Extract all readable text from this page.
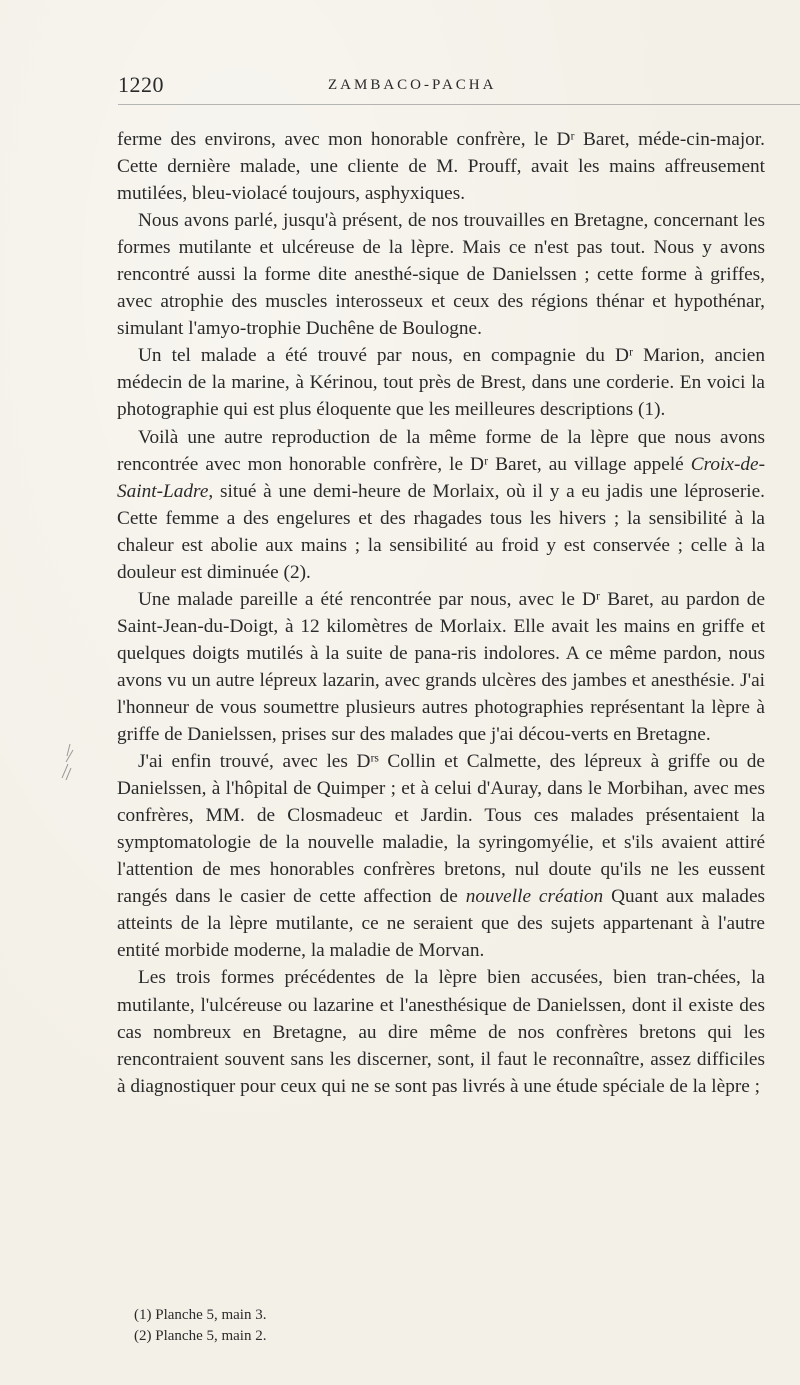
1220	ZAMBACO-PACHA

ferme des environs, avec mon honorable confrère, le Dʳ Baret, méde-cin-major. Cette dernière malade, une cliente de M. Prouff, avait les mains affreusement mutilées, bleu-violacé toujours, asphyxiques.

Nous avons parlé, jusqu'à présent, de nos trouvailles en Bretagne, concernant les formes mutilante et ulcéreuse de la lèpre. Mais ce n'est pas tout. Nous y avons rencontré aussi la forme dite anesthé-sique de Danielssen ; cette forme à griffes, avec atrophie des muscles interosseux et ceux des régions thénar et hypothénar, simulant l'amyo-trophie Duchêne de Boulogne.

Un tel malade a été trouvé par nous, en compagnie du Dʳ Marion, ancien médecin de la marine, à Kérinou, tout près de Brest, dans une corderie. En voici la photographie qui est plus éloquente que les meilleures descriptions (1).

Voilà une autre reproduction de la même forme de la lèpre que nous avons rencontrée avec mon honorable confrère, le Dʳ Baret, au village appelé Croix-de-Saint-Ladre, situé à une demi-heure de Morlaix, où il y a eu jadis une léproserie. Cette femme a des engelures et des rhagades tous les hivers ; la sensibilité à la chaleur est abolie aux mains ; la sensibilité au froid y est conservée ; celle à la douleur est diminuée (2).

Une malade pareille a été rencontrée par nous, avec le Dʳ Baret, au pardon de Saint-Jean-du-Doigt, à 12 kilomètres de Morlaix. Elle avait les mains en griffe et quelques doigts mutilés à la suite de pana-ris indolores. A ce même pardon, nous avons vu un autre lépreux lazarin, avec grands ulcères des jambes et anesthésie. J'ai l'honneur de vous soumettre plusieurs autres photographies représentant la lèpre à griffe de Danielssen, prises sur des malades que j'ai décou-verts en Bretagne.

J'ai enfin trouvé, avec les Dʳˢ Collin et Calmette, des lépreux à griffe ou de Danielssen, à l'hôpital de Quimper ; et à celui d'Auray, dans le Morbihan, avec mes confrères, MM. de Closmadeuc et Jardin. Tous ces malades présentaient la symptomatologie de la nouvelle maladie, la syringomyélie, et s'ils avaient attiré l'attention de mes honorables confrères bretons, nul doute qu'ils ne les eussent rangés dans le casier de cette affection de nouvelle création Quant aux malades atteints de la lèpre mutilante, ce ne seraient que des sujets appartenant à l'autre entité morbide moderne, la maladie de Morvan.

Les trois formes précédentes de la lèpre bien accusées, bien tran-chées, la mutilante, l'ulcéreuse ou lazarine et l'anesthésique de Danielssen, dont il existe des cas nombreux en Bretagne, au dire même de nos confrères bretons qui les rencontraient souvent sans les discerner, sont, il faut le reconnaître, assez difficiles à diagnostiquer pour ceux qui ne se sont pas livrés à une étude spéciale de la lèpre ;

(1) Planche 5, main 3.
(2) Planche 5, main 2.
